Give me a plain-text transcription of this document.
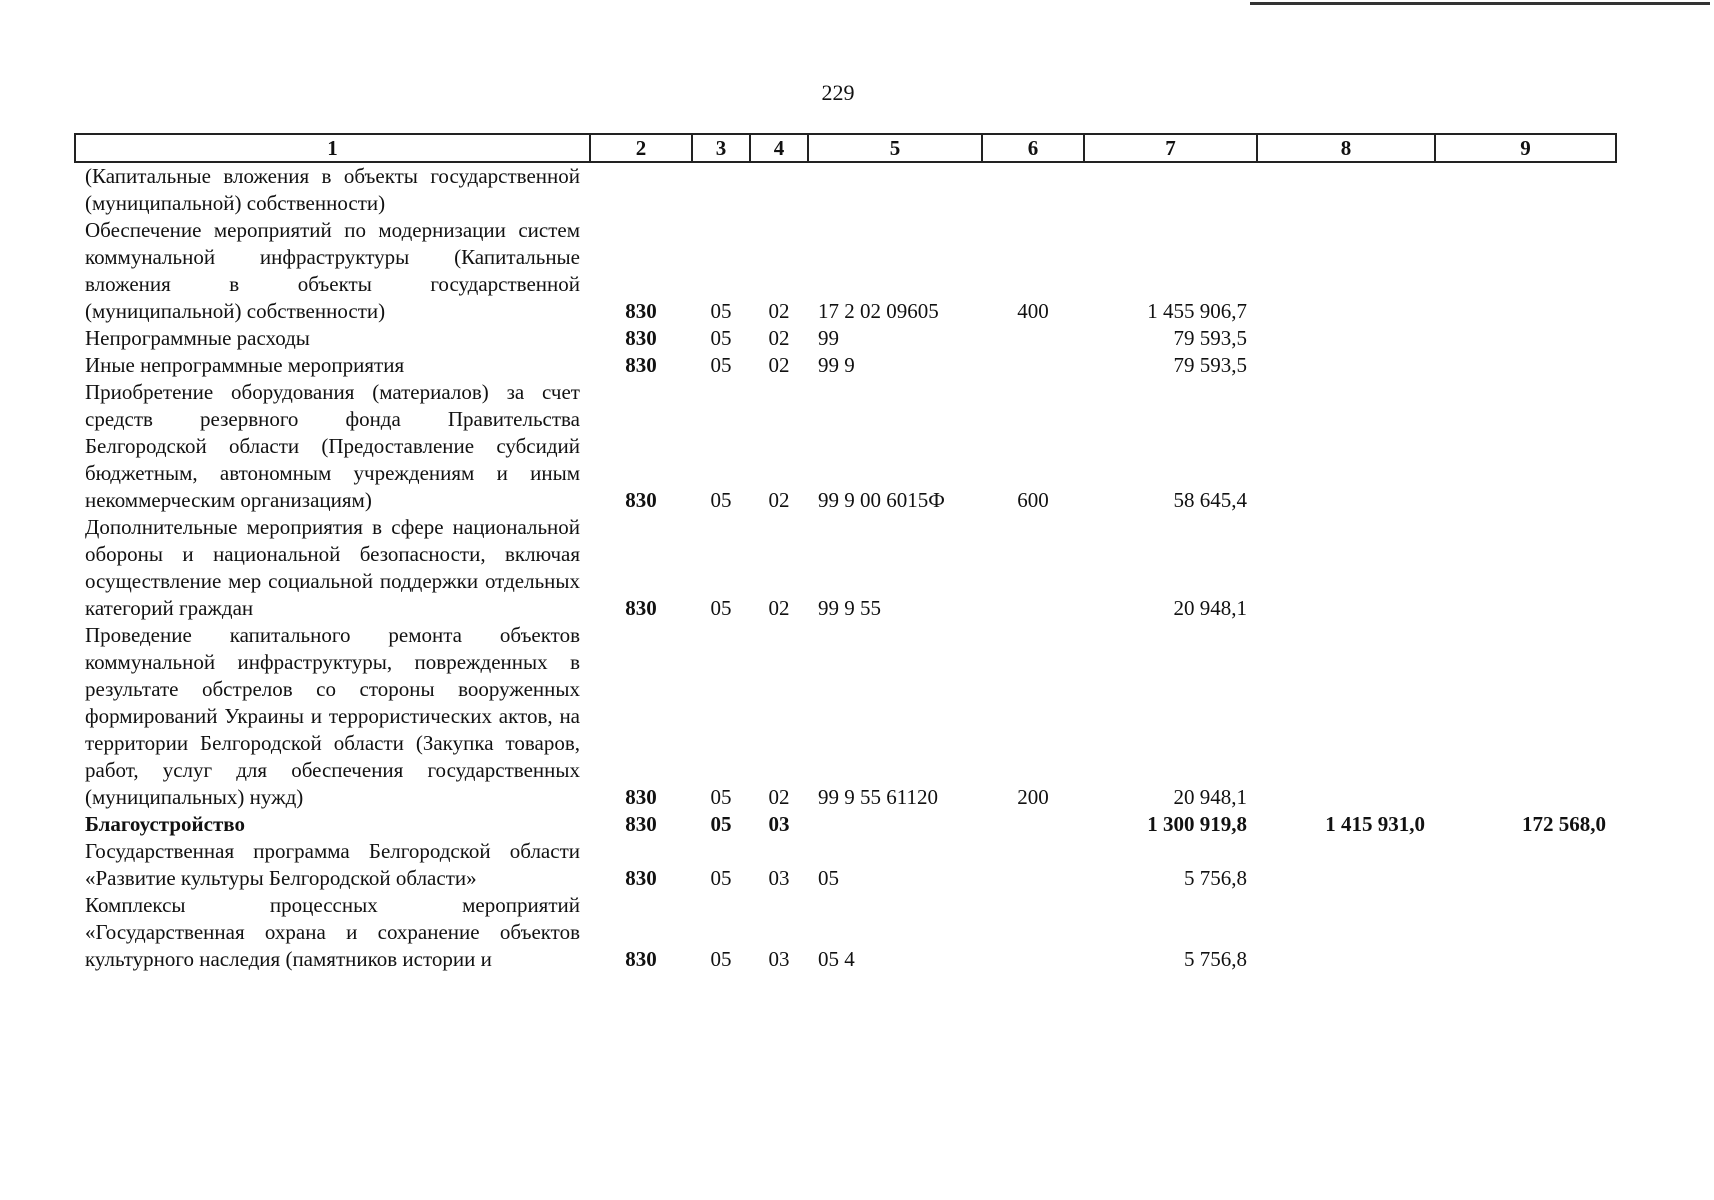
229
1	2	3	4	5	6	7	8	9
(Капитальные вложения в объекты государственной (муниципальной) собственности)								
Обеспечение мероприятий по модернизации систем коммунальной инфраструктуры (Капитальные вложения в объекты государственной (муниципальной) собственности)	830	05	02	17 2 02 09605	400	1 455 906,7		
Непрограммные расходы	830	05	02	99		79 593,5		
Иные непрограммные мероприятия	830	05	02	99 9		79 593,5		
Приобретение оборудования (материалов) за счет средств резервного фонда Правительства Белгородской области (Предоставление субсидий бюджетным, автономным учреждениям и иным некоммерческим организациям)	830	05	02	99 9 00 6015Ф	600	58 645,4		
Дополнительные мероприятия в сфере национальной обороны и национальной безопасности, включая осуществление мер социальной поддержки отдельных категорий граждан	830	05	02	99 9 55		20 948,1		
Проведение капитального ремонта объектов коммунальной инфраструктуры, поврежденных в результате обстрелов со стороны вооруженных формирований Украины и террористических актов, на территории Белгородской области (Закупка товаров, работ, услуг для обеспечения государственных (муниципальных) нужд)	830	05	02	99 9 55 61120	200	20 948,1		
Благоустройство	830	05	03			1 300 919,8	1 415 931,0	172 568,0
Государственная программа Белгородской области «Развитие культуры Белгородской области»	830	05	03	05		5 756,8		
Комплексы процессных мероприятий «Государственная охрана и сохранение объектов культурного наследия (памятников истории и	830	05	03	05 4		5 756,8		
